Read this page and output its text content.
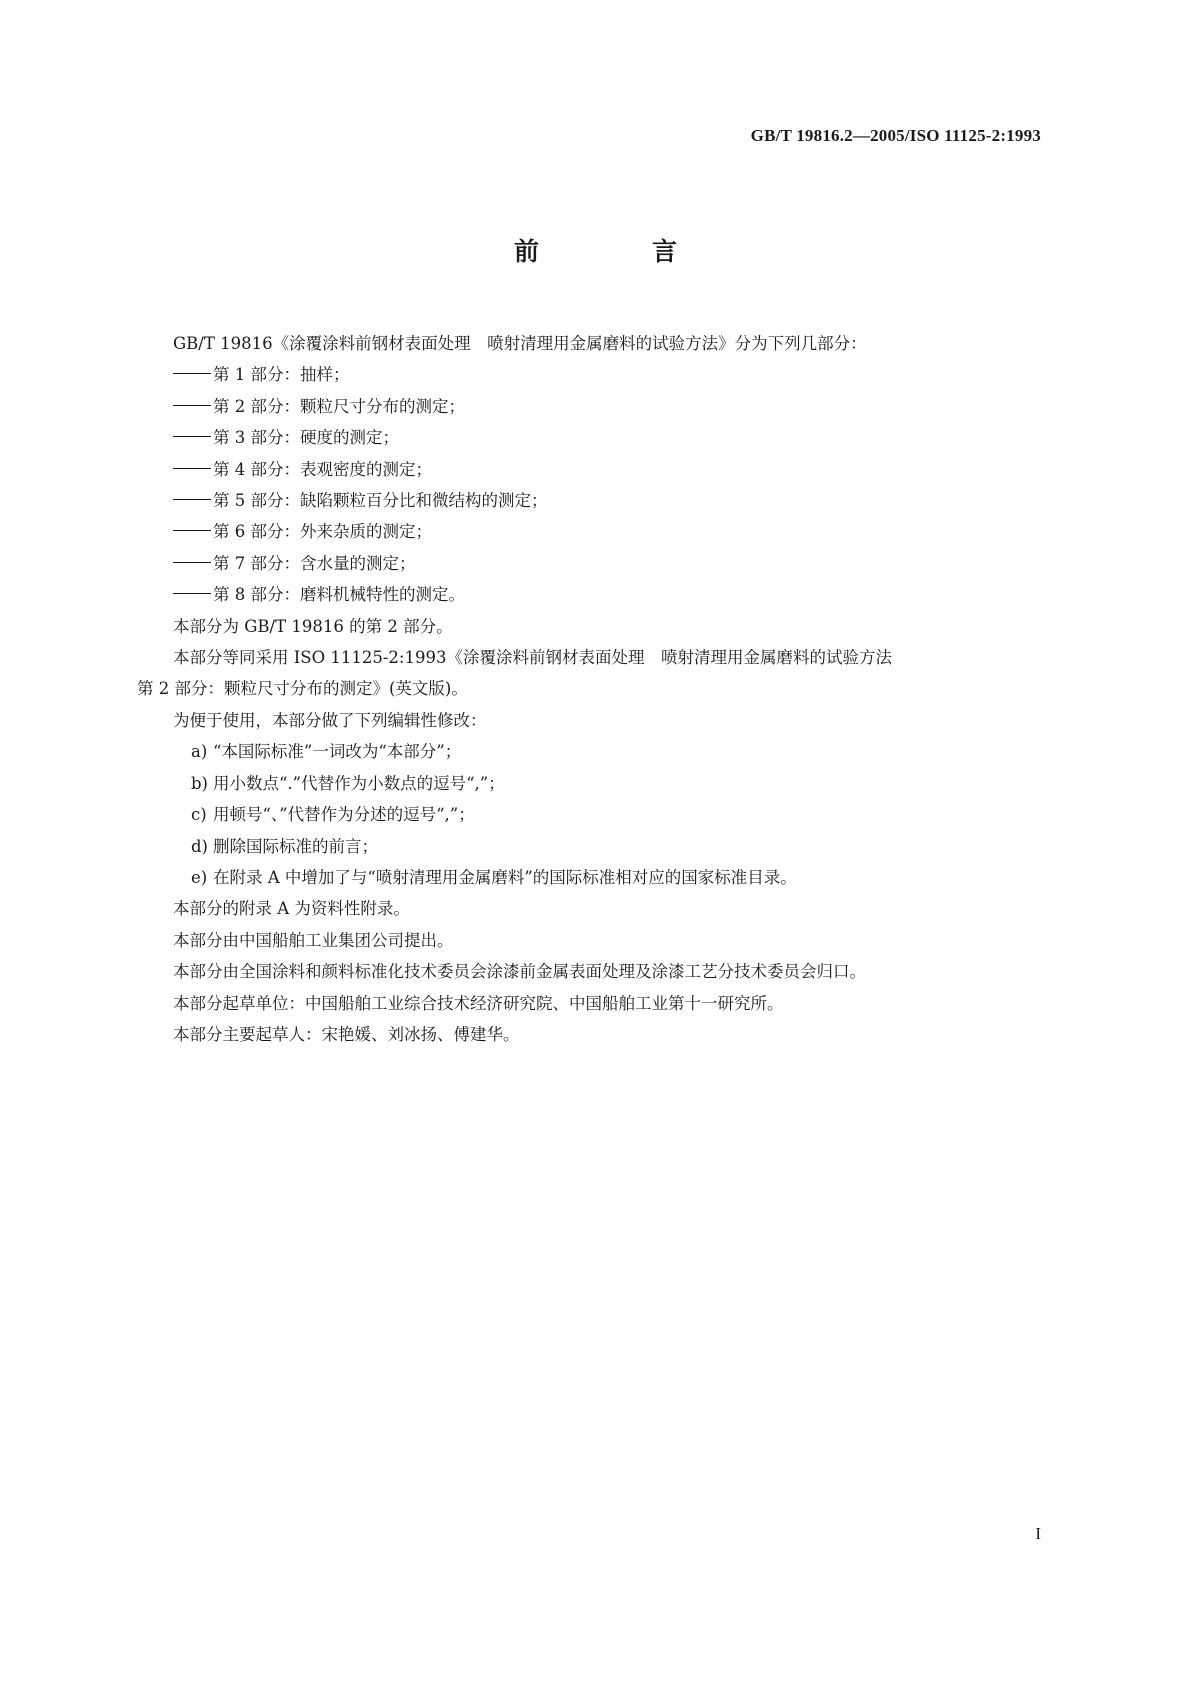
GB/T 19816.2—2005/ISO 11125-2:1993
前　言

GB/T 19816《涂覆涂料前钢材表面处理　喷射清理用金属磨料的试验方法》分为下列几部分：

第 1 部分：抽样；

第 2 部分：颗粒尺寸分布的测定；

第 3 部分：硬度的测定；

第 4 部分：表观密度的测定；

第 5 部分：缺陷颗粒百分比和微结构的测定；

第 6 部分：外来杂质的测定；

第 7 部分：含水量的测定；

第 8 部分：磨料机械特性的测定。

本部分为 GB/T 19816 的第 2 部分。

本部分等同采用 ISO 11125-2:1993《涂覆涂料前钢材表面处理　喷射清理用金属磨料的试验方法

第 2 部分：颗粒尺寸分布的测定》(英文版)。

为便于使用，本部分做了下列编辑性修改：

a) “本国际标准”一词改为“本部分”；

b) 用小数点“.”代替作为小数点的逗号“,”；

c) 用顿号“、”代替作为分述的逗号“,”；

d) 删除国际标准的前言；

e) 在附录 A 中增加了与“喷射清理用金属磨料”的国际标准相对应的国家标准目录。

本部分的附录 A 为资料性附录。

本部分由中国船舶工业集团公司提出。

本部分由全国涂料和颜料标准化技术委员会涂漆前金属表面处理及涂漆工艺分技术委员会归口。

本部分起草单位：中国船舶工业综合技术经济研究院、中国船舶工业第十一研究所。

本部分主要起草人：宋艳媛、刘冰扬、傅建华。

I
